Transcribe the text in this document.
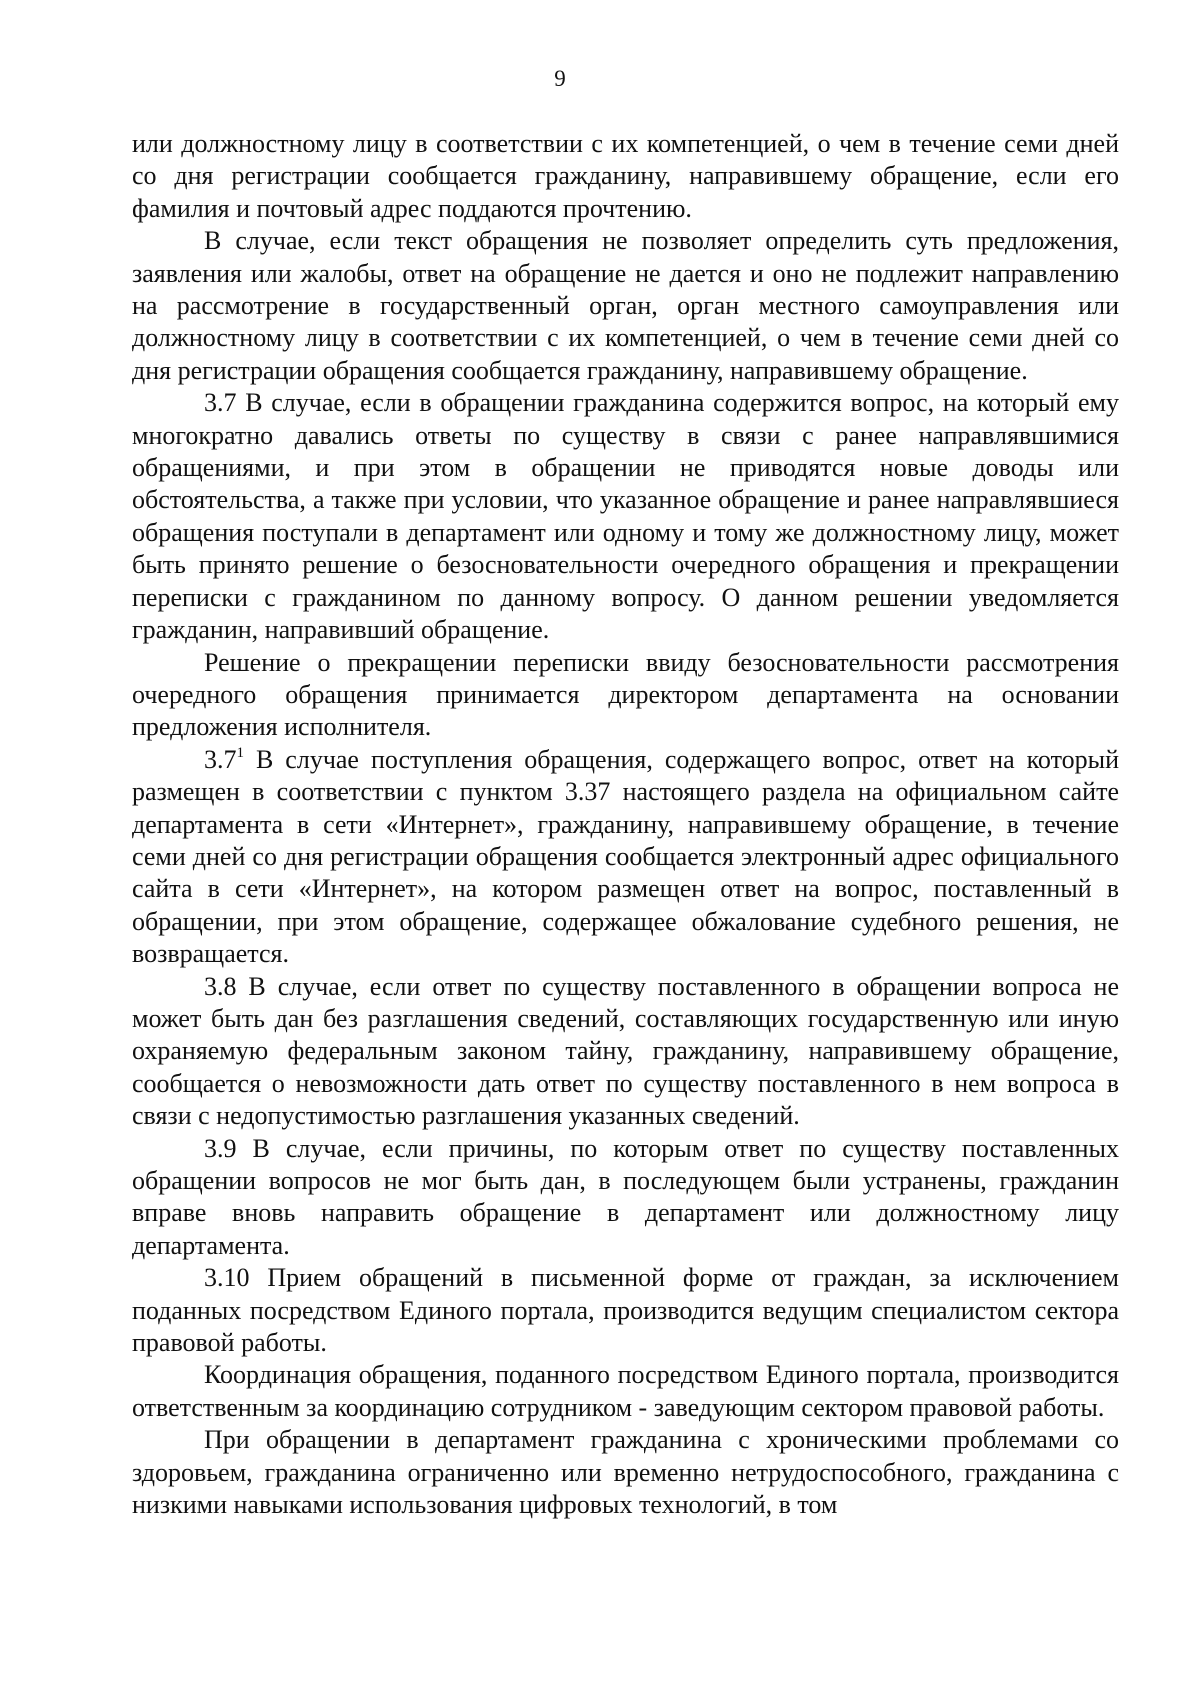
9

или должностному лицу в соответствии с их компетенцией, о чем в течение семи дней со дня регистрации сообщается гражданину, направившему обращение, если его фамилия и почтовый адрес поддаются прочтению.

В случае, если текст обращения не позволяет определить суть предложения, заявления или жалобы, ответ на обращение не дается и оно не подлежит направлению на рассмотрение в государственный орган, орган местного самоуправления или должностному лицу в соответствии с их компетенцией, о чем в течение семи дней со дня регистрации обращения сообщается гражданину, направившему обращение.

3.7 В случае, если в обращении гражданина содержится вопрос, на который ему многократно давались ответы по существу в связи с ранее направлявшимися обращениями, и при этом в обращении не приводятся новые доводы или обстоятельства, а также при условии, что указанное обращение и ранее направлявшиеся обращения поступали в департамент или одному и тому же должностному лицу, может быть принято решение о безосновательности очередного обращения и прекращении переписки с гражданином по данному вопросу. О данном решении уведомляется гражданин, направивший обращение.

Решение о прекращении переписки ввиду безосновательности рассмотрения очередного обращения принимается директором департамента на основании предложения исполнителя.

$3.7^1$ В случае поступления обращения, содержащего вопрос, ответ на который размещен в соответствии с пунктом 3.37 настоящего раздела на официальном сайте департамента в сети «Интернет», гражданину, направившему обращение, в течение семи дней со дня регистрации обращения сообщается электронный адрес официального сайта в сети «Интернет», на котором размещен ответ на вопрос, поставленный в обращении, при этом обращение, содержащее обжалование судебного решения, не возвращается.

3.8 В случае, если ответ по существу поставленного в обращении вопроса не может быть дан без разглашения сведений, составляющих государственную или иную охраняемую федеральным законом тайну, гражданину, направившему обращение, сообщается о невозможности дать ответ по существу поставленного в нем вопроса в связи с недопустимостью разглашения указанных сведений.

3.9 В случае, если причины, по которым ответ по существу поставленных обращении вопросов не мог быть дан, в последующем были устранены, гражданин вправе вновь направить обращение в департамент или должностному лицу департамента.

3.10 Прием обращений в письменной форме от граждан, за исключением поданных посредством Единого портала, производится ведущим специалистом сектора правовой работы.

Координация обращения, поданного посредством Единого портала, производится ответственным за координацию сотрудником - заведующим сектором правовой работы.

При обращении в департамент гражданина с хроническими проблемами со здоровьем, гражданина ограниченно или временно нетрудоспособного, гражданина с низкими навыками использования цифровых технологий, в том
